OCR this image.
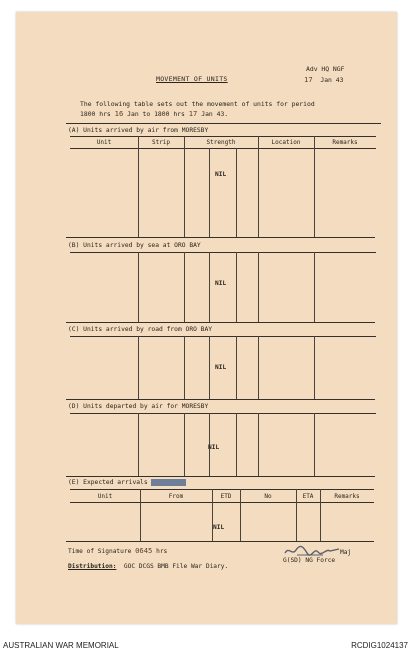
Adv HQ NGF
17 Jan 43
MOVEMENT OF UNITS
The following table sets out the movement of units for period
1800 hrs 16 Jan to 1800 hrs 17 Jan 43.
(A) Units arrived by air from MORESBY
Unit	Strip	Strength	Location	Remarks
NIL
(B) Units arrived by sea at ORO BAY
NIL
(C) Units arrived by road from ORO BAY
NIL
(D) Units departed by air for MORESBY
NIL
(E) Expected arrivals xxxxxxxxx
Unit	From	ETD	No	ETA	Remarks
NIL
Time of Signature 0645 hrs	Maj
G(SD) NG Force
Distribution: GOC DCGS BMB File War Diary.
AUSTRALIAN WAR MEMORIAL	RCDIG1024137
